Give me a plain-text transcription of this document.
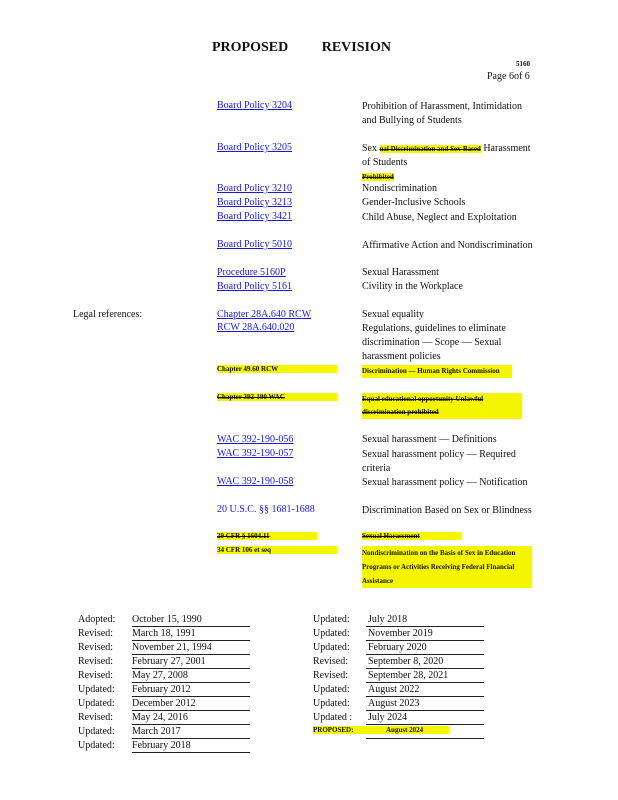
PROPOSED REVISION
5160
Page 6of 6
Board Policy 3204	Prohibition of Harassment, Intimidation and Bullying of Students
Board Policy 3205	Sex ual Discrimination and Sex-Based Harassment of Students
Prohibited
Board Policy 3210	Nondiscrimination
Board Policy 3213	Gender-Inclusive Schools
Board Policy 3421	Child Abuse, Neglect and Exploitation
Board Policy 5010	Affirmative Action and Nondiscrimination
Procedure 5160P	Sexual Harassment
Board Policy 5161	Civility in the Workplace
Legal references:	Chapter 28A.640 RCW	Sexual equality
RCW 28A.640.020	Regulations, guidelines to eliminate discrimination — Scope — Sexual harassment policies
Chapter 49.60 RCW	Discrimination — Human Rights Commission
Chapter 392-190 WAC	Equal educational opportunity Unlawful discrimination prohibited
WAC 392-190-056	Sexual harassment — Definitions
WAC 392-190-057	Sexual harassment policy — Required criteria
WAC 392-190-058	Sexual harassment policy — Notification
20 U.S.C. §§ 1681-1688	Discrimination Based on Sex or Blindness
29 CFR § 1604.11	Sexual Harassment
34 CFR 106 et seq	Nondiscrimination on the Basis of Sex in Education Programs or Activities Receiving Federal Financial Assistance
Adopted: October 15, 1990
Revised: March 18, 1991
Revised: November 21, 1994
Revised: February 27, 2001
Revised: May 27, 2008
Updated: February 2012
Updated: December 2012
Revised: May 24, 2016
Updated: March 2017
Updated: February 2018
Updated: July 2018
Updated: November 2019
Updated: February 2020
Revised: September 8, 2020
Revised: September 28, 2021
Updated: August 2022
Updated: August 2023
Updated : July 2024
PROPOSED:	August 2024
